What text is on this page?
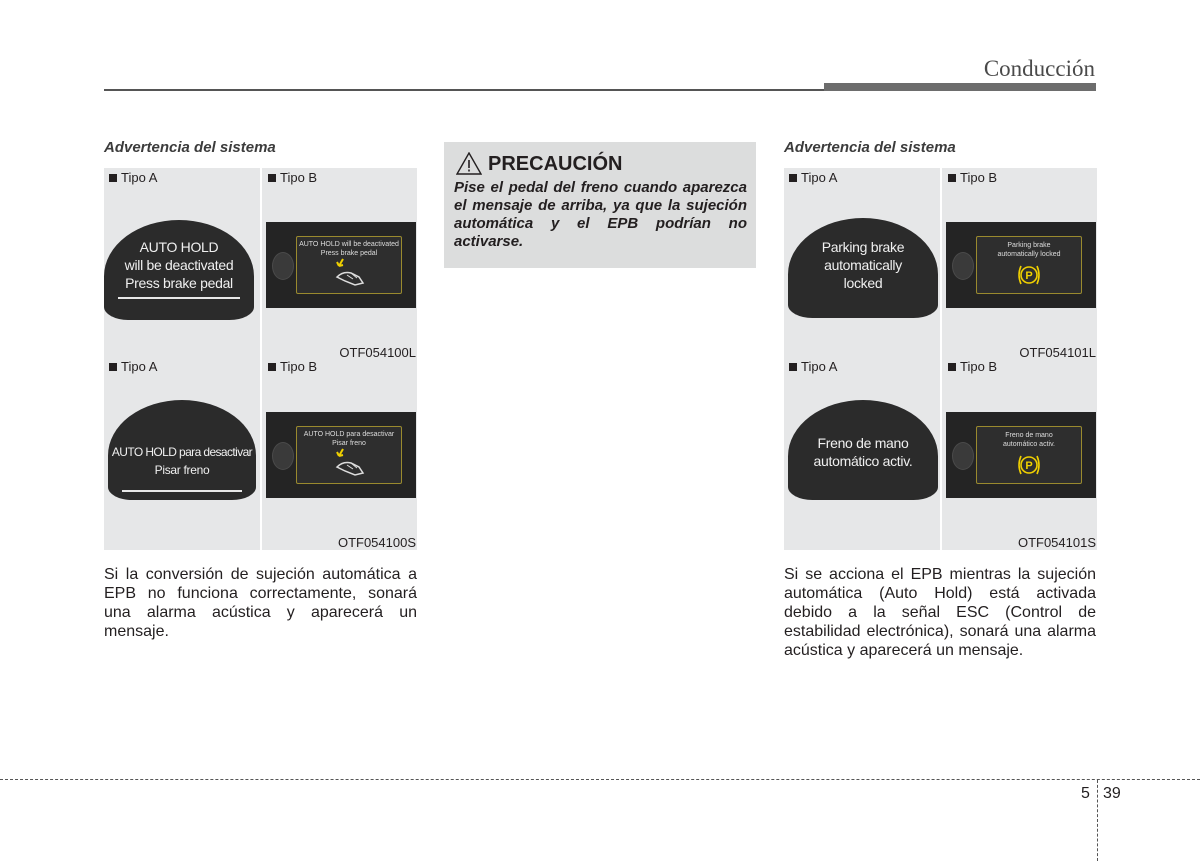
Conducción
Advertencia del sistema
Tipo A	Tipo B
AUTO HOLD
will be deactivated
Press brake pedal
AUTO HOLD will be deactivated
Press brake pedal
OTF054100L
Tipo A	Tipo B
AUTO HOLD para desactivar
Pisar freno
AUTO HOLD para desactivar
Pisar freno
OTF054100S
Si la conversión de sujeción automática a EPB no funciona correctamente, sonará una alarma acústica y aparecerá un mensaje.
PRECAUCIÓN
Pise el pedal del freno cuando aparezca el mensaje de arriba, ya que la sujeción automática y el EPB podrían no activarse.
Advertencia del sistema
Tipo A	Tipo B
Parking brake
automatically
locked
Parking brake
automatically locked
P
OTF054101L
Tipo A	Tipo B
Freno de mano
automático activ.
Freno de mano
automático activ.
P
OTF054101S
Si se acciona el EPB mientras la sujeción automática (Auto Hold) está activada debido a la señal ESC (Control de estabilidad electrónica), sonará una alarma acústica y aparecerá un mensaje.
5 39
